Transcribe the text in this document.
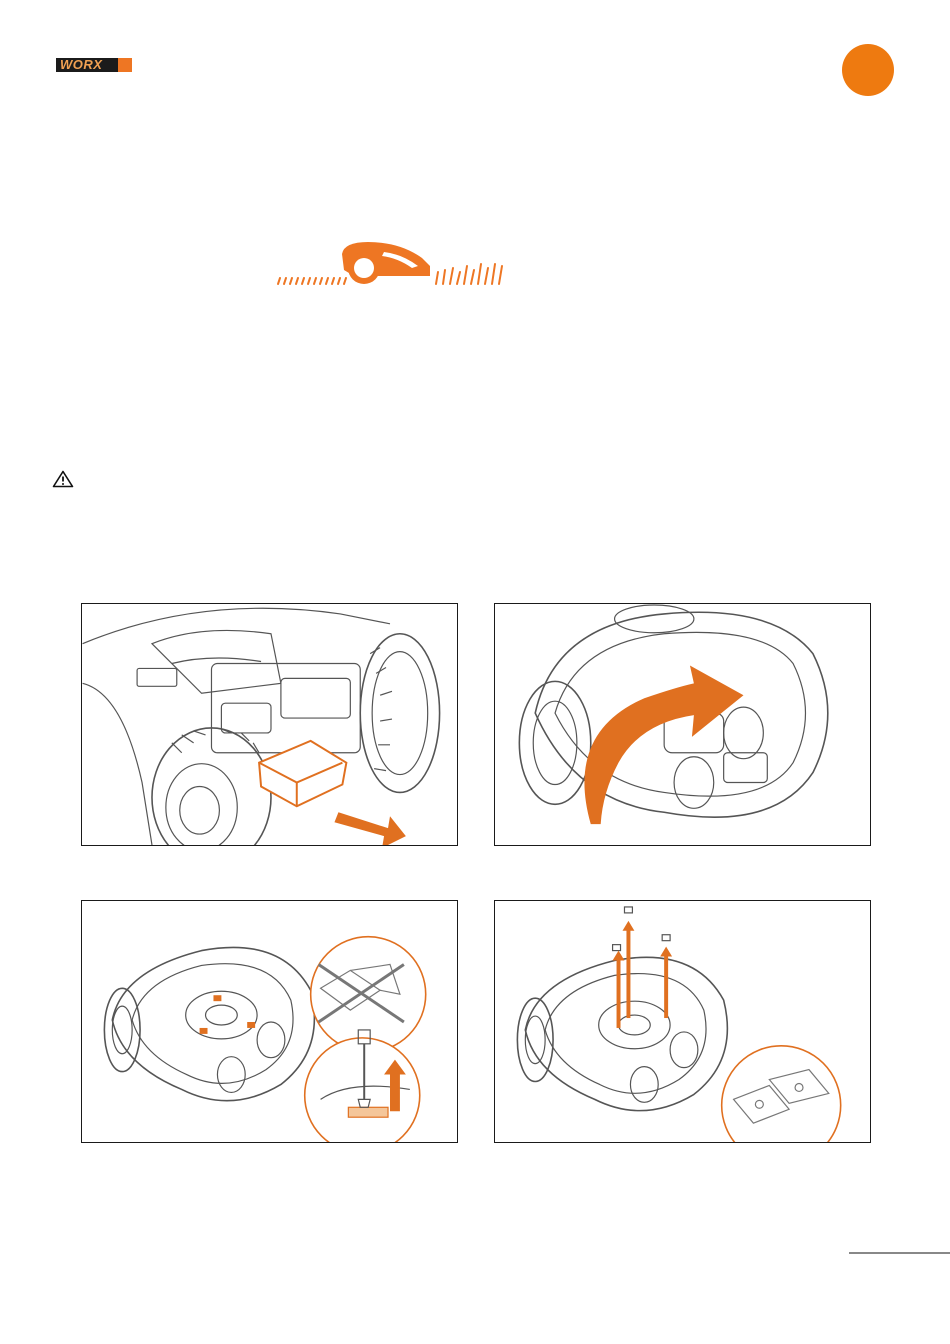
WORX
